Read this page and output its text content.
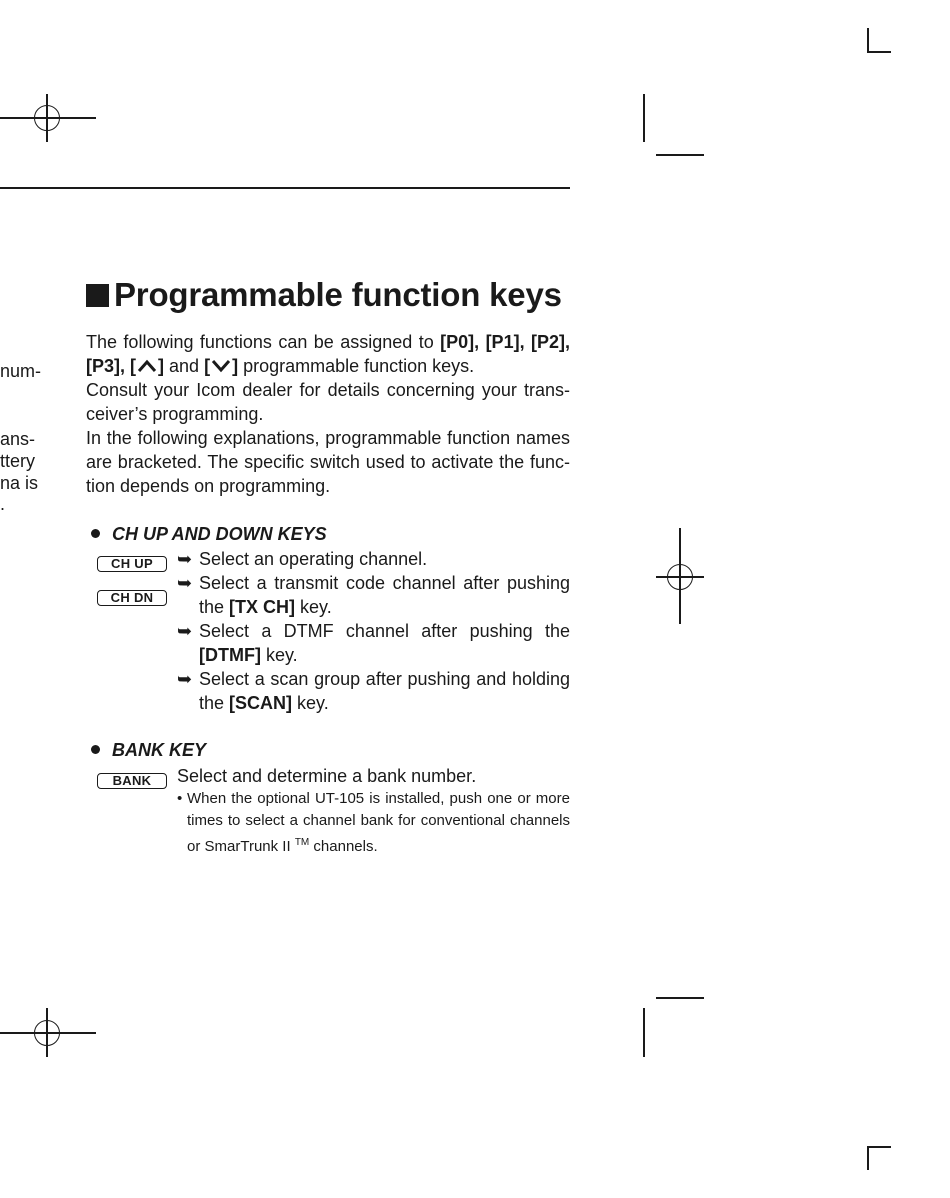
num-
ans-
ttery
na is
.
Programmable function keys

The following functions can be assigned to [P0], [P1], [P2],

[P3], [ ] and [ ] programmable function keys.

Consult your Icom dealer for details concerning your trans-ceiver’s programming.

In the following explanations, programmable function names are bracketed. The specific switch used to activate the func-tion depends on programming.

CH UP AND DOWN KEYS
CH UP
CH DN
➥ Select an operating channel.
➥ Select a transmit code channel after pushing the [TX CH] key.
➥ Select a DTMF channel after pushing the [DTMF] key.
➥ Select a scan group after pushing and holding the [SCAN] key.
BANK KEY
BANK	Select and determine a bank number.
• When the optional UT-105 is installed, push one or more times to select a channel bank for conventional channels or SmarTrunk II ™ channels.
